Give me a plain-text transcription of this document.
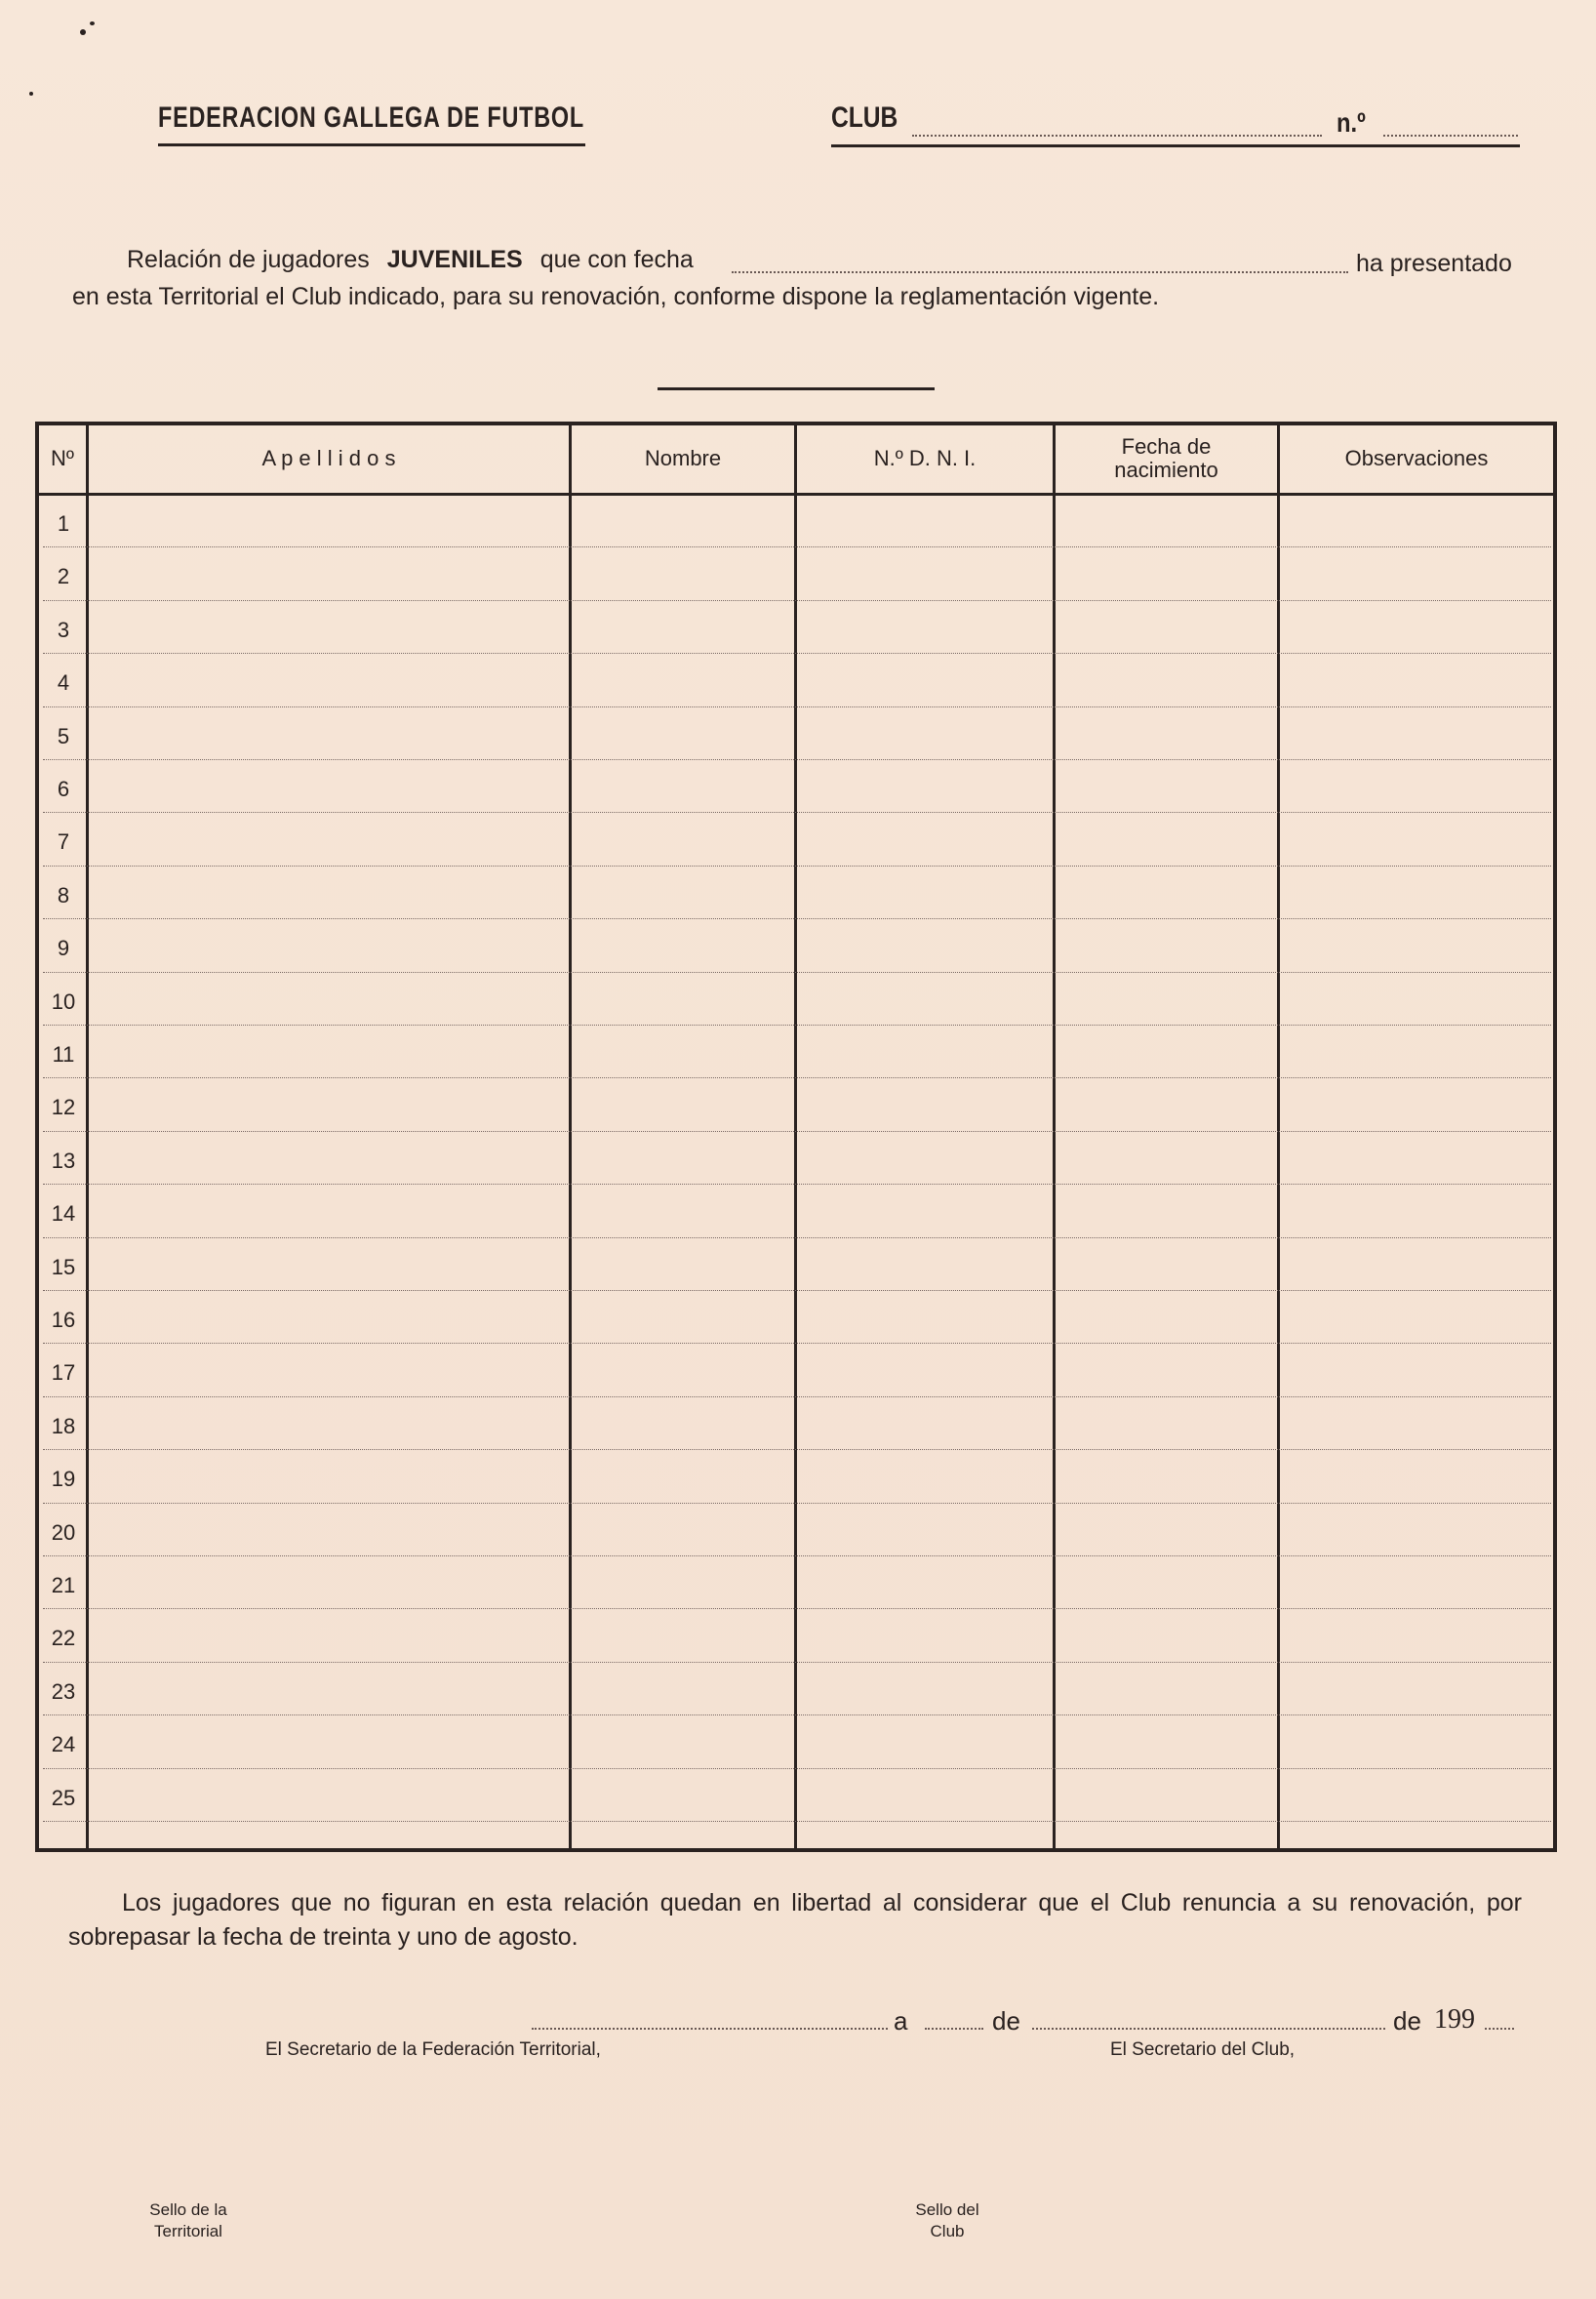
FEDERACION GALLEGA DE FUTBOL	CLUB	n.º
Relación de jugadores JUVENILES que con fecha	ha presentado
en esta Territorial el Club indicado, para su renovación, conforme dispone la reglamentación vigente.
Nº	A p e l l i d o s	Nombre	N.º D. N. I.	Fecha de nacimiento	Observaciones
1
2
3
4
5
6
7
8
9
10
11
12
13
14
15
16
17
18
19
20
21
22
23
24
25
Los jugadores que no figuran en esta relación quedan en libertad al considerar que el Club renuncia a su renovación, por sobrepasar la fecha de treinta y uno de agosto.
a	de	de 199
El Secretario de la Federación Territorial,	El Secretario del Club,
Sello de la Territorial
Sello del Club
